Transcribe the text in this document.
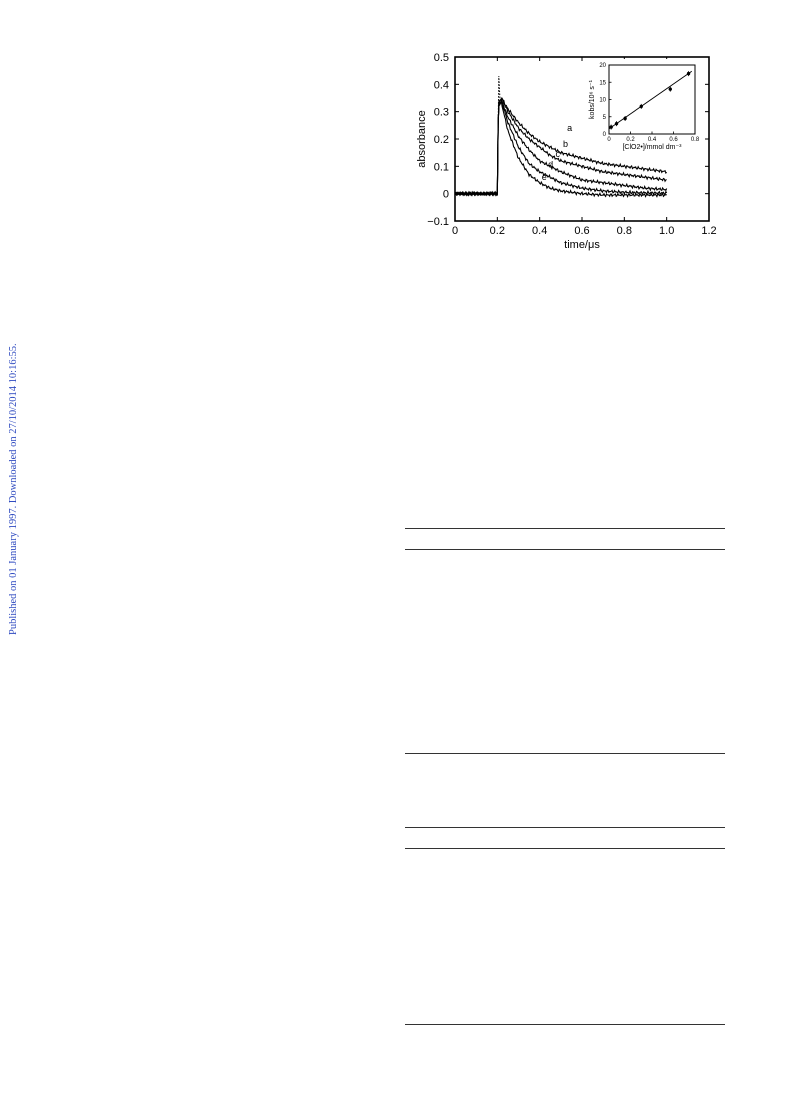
Published on 01 January 1997. Downloaded on 27/10/2014 10:16:55.
0	0.2 0.4 0.6 0.8 1.0 1.2
−0.1
0
0.1
0.2
0.3
0.4
0.5
a
b
c
d
e
time/μs
absorbance	0	0.2 0.4 0.6 0.8
0
5
10
15
20
[ClO2•]/mmol dm⁻³
kobs/10⁶ s⁻¹
